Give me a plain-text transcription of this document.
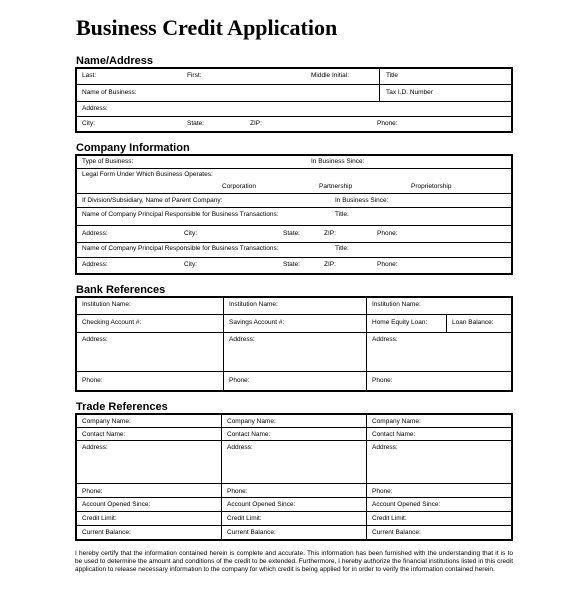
Business Credit Application
Name/Address
Last:	First:	Middle Initial:	Title
Name of Business:	Tax I.D. Number
Address:
City:	State:	ZIP:	Phone:
Company Information
Type of Business:	In Business Since:
Legal Form Under Which Business Operates:
Corporation	Partnership	Proprietorship
If Division/Subsidiary, Name of Parent Company:	In Business Since:
Name of Company Principal Responsible for Business Transactions:	Title:
Address:	City:	State:	ZIP:	Phone:
Name of Company Principal Responsible for Business Transactions:	Title:
Address:	City:	State:	ZIP:	Phone:
Bank References
Institution Name:	Institution Name:	Institution Name:
Checking Account #:	Savings Account #:	Home Equity Loan:	Loan Balance:
Address:	Address:	Address:
Phone:	Phone:	Phone:
Trade References
Company Name:	Company Name:	Company Name:
Contact Name:	Contact Name:	Contact Name:
Address:	Address:	Address:
Phone:	Phone:	Phone:
Account Opened Since:	Account Opened Since:	Account Opened Since:
Credit Limit:	Credit Limit:	Credit Limit:
Current Balance:	Current Balance:	Current Balance:
I hereby certify that the information contained herein is complete and accurate. This information has been furnished with the understanding that it is to be used to determine the amount and conditions of the credit to be extended. Furthermore, I hereby authorize the financial institutions listed in this credit application to release necessary information to the company for which credit is being applied for in order to verify the information contained herein.
